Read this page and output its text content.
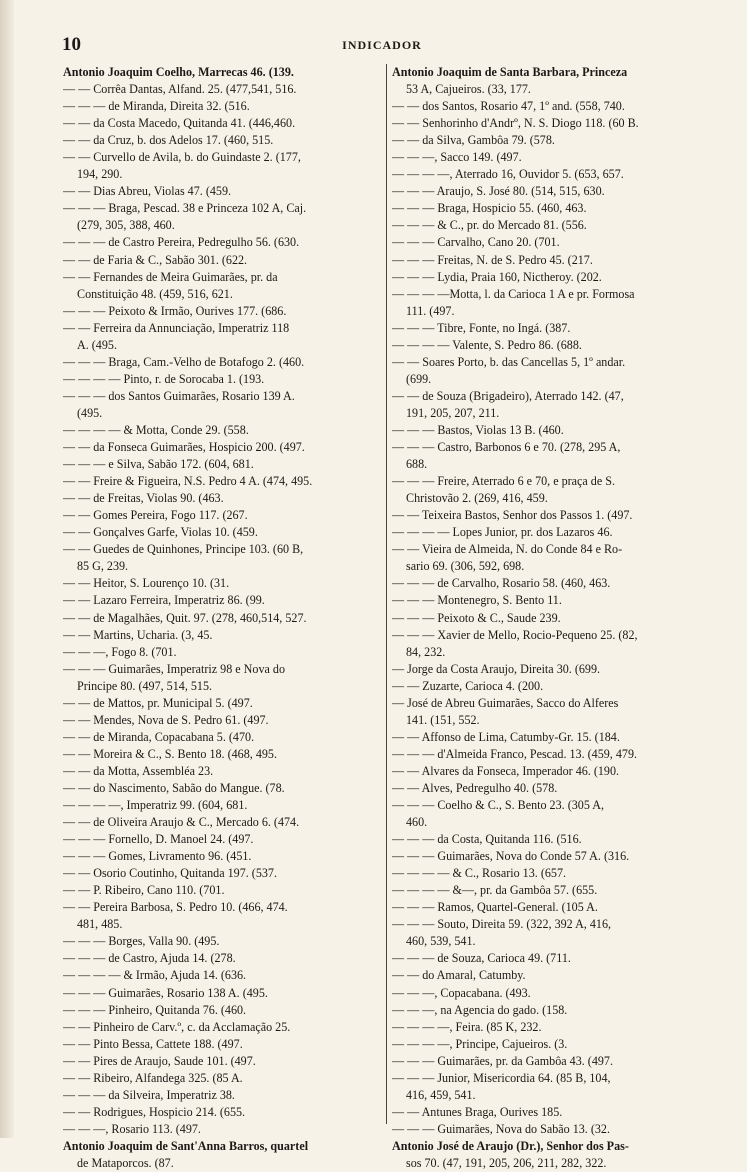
10	INDICADOR
Antonio Joaquim Coelho, Marrecas 46. (139.
— — Corrêa Dantas, Alfand. 25. (477,541, 516.
— — — de Miranda, Direita 32. (516.
— — da Costa Macedo, Quitanda 41. (446,460.
— — da Cruz, b. dos Adelos 17. (460, 515.
— — Curvello de Avila, b. do Guindaste 2. (177,
194, 290.
— — Dias Abreu, Violas 47. (459.
— — — Braga, Pescad. 38 e Princeza 102 A, Caj.
(279, 305, 388, 460.
— — — de Castro Pereira, Pedregulho 56. (630.
— — de Faria & C., Sabão 301. (622.
— — Fernandes de Meira Guimarães, pr. da
Constituição 48. (459, 516, 621.
— — — Peixoto & Irmão, Ourives 177. (686.
— — Ferreira da Annunciação, Imperatriz 118
A. (495.
— — — Braga, Cam.-Velho de Botafogo 2. (460.
— — — — Pinto, r. de Sorocaba 1. (193.
— — — dos Santos Guimarães, Rosario 139 A.
(495.
— — — — & Motta, Conde 29. (558.
— — da Fonseca Guimarães, Hospicio 200. (497.
— — — e Silva, Sabão 172. (604, 681.
— — Freire & Figueira, N.S. Pedro 4 A. (474, 495.
— — de Freitas, Violas 90. (463.
— — Gomes Pereira, Fogo 117. (267.
— — Gonçalves Garfe, Violas 10. (459.
— — Guedes de Quinhones, Principe 103. (60 B,
85 G, 239.
— — Heitor, S. Lourenço 10. (31.
— — Lazaro Ferreira, Imperatriz 86. (99.
— — de Magalhães, Quit. 97. (278, 460,514, 527.
— — Martins, Ucharia. (3, 45.
— — —, Fogo 8. (701.
— — — Guimarães, Imperatriz 98 e Nova do
Principe 80. (497, 514, 515.
— — de Mattos, pr. Municipal 5. (497.
— — Mendes, Nova de S. Pedro 61. (497.
— — de Miranda, Copacabana 5. (470.
— — Moreira & C., S. Bento 18. (468, 495.
— — da Motta, Assembléa 23.
— — do Nascimento, Sabão do Mangue. (78.
— — — —, Imperatriz 99. (604, 681.
— — de Oliveira Araujo & C., Mercado 6. (474.
— — — Fornello, D. Manoel 24. (497.
— — — Gomes, Livramento 96. (451.
— — Osorio Coutinho, Quitanda 197. (537.
— — P. Ribeiro, Cano 110. (701.
— — Pereira Barbosa, S. Pedro 10. (466, 474.
481, 485.
— — — Borges, Valla 90. (495.
— — — de Castro, Ajuda 14. (278.
— — — — & Irmão, Ajuda 14. (636.
— — — Guimarães, Rosario 138 A. (495.
— — — Pinheiro, Quitanda 76. (460.
— — Pinheiro de Carv.º, c. da Acclamação 25.
— — Pinto Bessa, Cattete 188. (497.
— — Pires de Araujo, Saude 101. (497.
— — Ribeiro, Alfandega 325. (85 A.
— — — da Silveira, Imperatriz 38.
— — Rodrigues, Hospicio 214. (655.
— — —, Rosario 113. (497.
Antonio Joaquim de Sant'Anna Barros, quartel
de Mataporcos. (87.
Antonio Joaquim de Santa Barbara, Princeza
53 A, Cajueiros. (33, 177.
— — dos Santos, Rosario 47, 1º and. (558, 740.
— — Senhorinho d'Andrº, N. S. Diogo 118. (60 B.
— — da Silva, Gambôa 79. (578.
— — —, Sacco 149. (497.
— — — —, Aterrado 16, Ouvidor 5. (653, 657.
— — — Araujo, S. José 80. (514, 515, 630.
— — — Braga, Hospicio 55. (460, 463.
— — — & C., pr. do Mercado 81. (556.
— — — Carvalho, Cano 20. (701.
— — — Freitas, N. de S. Pedro 45. (217.
— — — Lydia, Praia 160, Nictheroy. (202.
— — — —Motta, l. da Carioca 1 A e pr. Formosa
111. (497.
— — — Tibre, Fonte, no Ingá. (387.
— — — — Valente, S. Pedro 86. (688.
— — Soares Porto, b. das Cancellas 5, 1º andar.
(699.
— — de Souza (Brigadeiro), Aterrado 142. (47,
191, 205, 207, 211.
— — — Bastos, Violas 13 B. (460.
— — — Castro, Barbonos 6 e 70. (278, 295 A,
688.
— — — Freire, Aterrado 6 e 70, e praça de S.
Christovão 2. (269, 416, 459.
— — Teixeira Bastos, Senhor dos Passos 1. (497.
— — — — Lopes Junior, pr. dos Lazaros 46.
— — Vieira de Almeida, N. do Conde 84 e Ro-
sario 69. (306, 592, 698.
— — — de Carvalho, Rosario 58. (460, 463.
— — — Montenegro, S. Bento 11.
— — — Peixoto & C., Saude 239.
— — — Xavier de Mello, Rocio-Pequeno 25. (82,
84, 232.
— Jorge da Costa Araujo, Direita 30. (699.
— — Zuzarte, Carioca 4. (200.
— José de Abreu Guimarães, Sacco do Alferes
141. (151, 552.
— — Affonso de Lima, Catumby-Gr. 15. (184.
— — — d'Almeida Franco, Pescad. 13. (459, 479.
— — Alvares da Fonseca, Imperador 46. (190.
— — Alves, Pedregulho 40. (578.
— — — Coelho & C., S. Bento 23. (305 A,
460.
— — — da Costa, Quitanda 116. (516.
— — — Guimarães, Nova do Conde 57 A. (316.
— — — — & C., Rosario 13. (657.
— — — — &—, pr. da Gambôa 57. (655.
— — — Ramos, Quartel-General. (105 A.
— — — Souto, Direita 59. (322, 392 A, 416,
460, 539, 541.
— — — de Souza, Carioca 49. (711.
— — do Amaral, Catumby.
— — —, Copacabana. (493.
— — —, na Agencia do gado. (158.
— — — —, Feira. (85 K, 232.
— — — —, Principe, Cajueiros. (3.
— — — Guimarães, pr. da Gambôa 43. (497.
— — — Junior, Misericordia 64. (85 B, 104,
416, 459, 541.
— — Antunes Braga, Ourives 185.
— — — Guimarães, Nova do Sabão 13. (32.
Antonio José de Araujo (Dr.), Senhor dos Pas-
sos 70. (47, 191, 205, 206, 211, 282, 322.
